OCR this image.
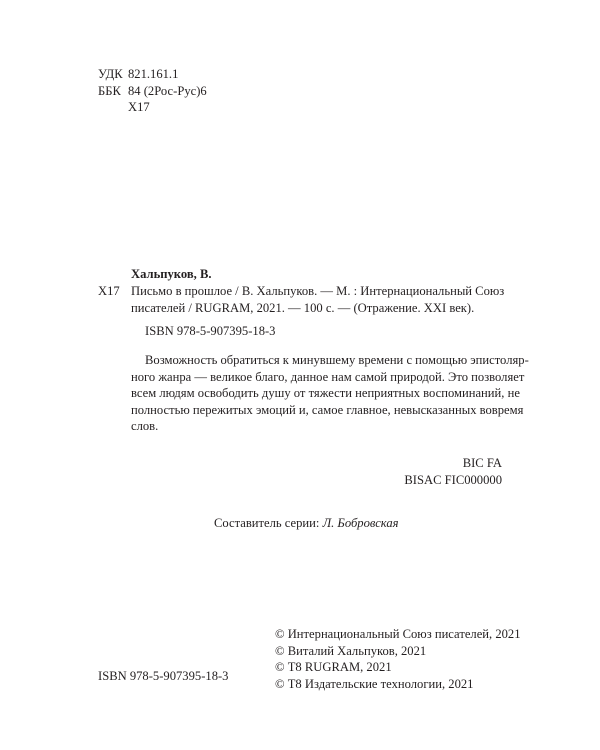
УДК 821.161.1
ББК 84 (2Рос-Рус)6
Х17
Хальпуков, В.
Х17 Письмо в прошлое / В. Хальпуков. — М. : Интернациональный Союз
писателей / RUGRAM, 2021. — 100 с. — (Отражение. XXI век).
ISBN 978-5-907395-18-3
Возможность обратиться к минувшему времени с помощью эпистоляр-
ного жанра — великое благо, данное нам самой природой. Это позволяет
всем людям освободить душу от тяжести неприятных воспоминаний, не
полностью пережитых эмоций и, самое главное, невысказанных вовремя
слов.
BIC FA
BISAC FIC000000
Составитель серии: Л. Бобровская
ISBN 978-5-907395-18-3
© Интернациональный Союз писателей, 2021
© Виталий Хальпуков, 2021
© Т8 RUGRAM, 2021
© Т8 Издательские технологии, 2021
